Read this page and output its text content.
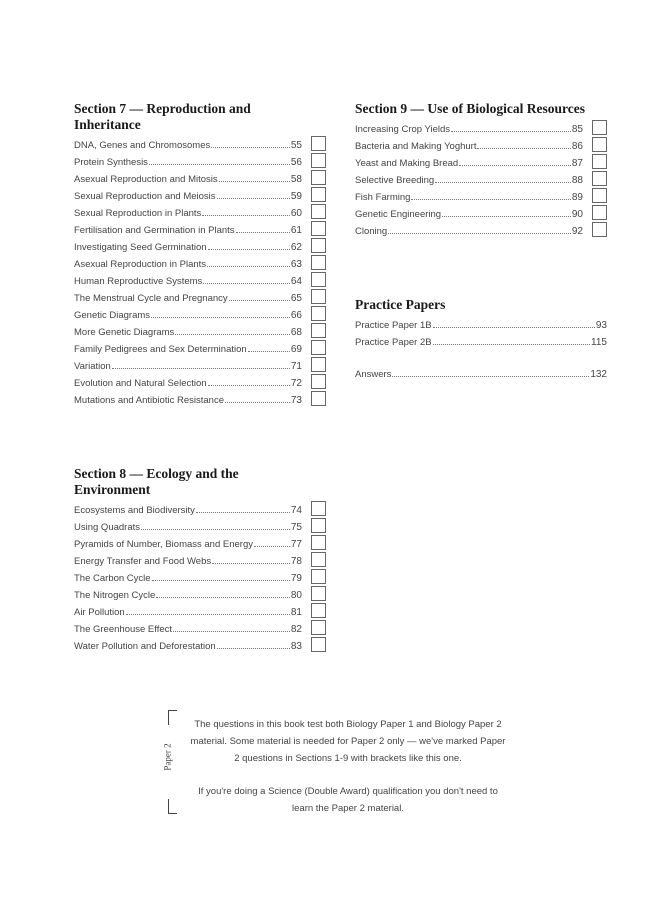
Section 7 — Reproduction and Inheritance
DNA, Genes and Chromosomes	55
Protein Synthesis	56
Asexual Reproduction and Mitosis	58
Sexual Reproduction and Meiosis	59
Sexual Reproduction in Plants	60
Fertilisation and Germination in Plants	61
Investigating Seed Germination	62
Asexual Reproduction in Plants	63
Human Reproductive Systems	64
The Menstrual Cycle and Pregnancy	65
Genetic Diagrams	66
More Genetic Diagrams	68
Family Pedigrees and Sex Determination	69
Variation	71
Evolution and Natural Selection	72
Mutations and Antibiotic Resistance	73
Section 8 — Ecology and the Environment
Ecosystems and Biodiversity	74
Using Quadrats	75
Pyramids of Number, Biomass and Energy	77
Energy Transfer and Food Webs	78
The Carbon Cycle	79
The Nitrogen Cycle	80
Air Pollution	81
The Greenhouse Effect	82
Water Pollution and Deforestation	83
Section 9 — Use of Biological Resources
Increasing Crop Yields	85
Bacteria and Making Yoghurt	86
Yeast and Making Bread	87
Selective Breeding	88
Fish Farming	89
Genetic Engineering	90
Cloning	92
Practice Papers
Practice Paper 1B	93
Practice Paper 2B	115
Answers	132
Paper 2

The questions in this book test both Biology Paper 1 and Biology Paper 2 material. Some material is needed for Paper 2 only — we've marked Paper 2 questions in Sections 1-9 with brackets like this one.

If you're doing a Science (Double Award) qualification you don't need to learn the Paper 2 material.
